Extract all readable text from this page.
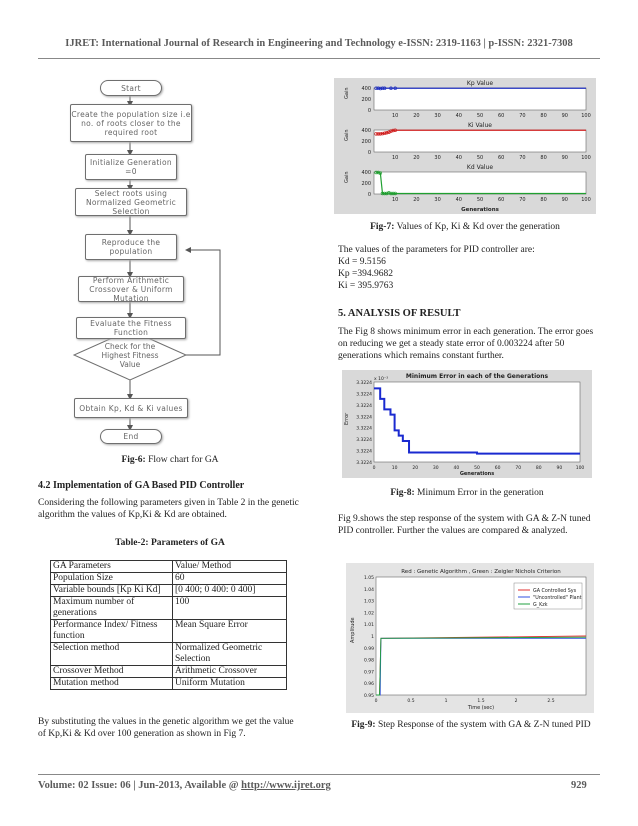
IJRET: International Journal of Research in Engineering and Technology e-ISSN: 2319-1163 | p-ISSN: 2321-7308
Start
Create the population size i.e no. of roots closer to the required root
Initialize Generation =0
Select roots using Normalized Geometric Selection
Reproduce the population
Perform Arithmetic Crossover & Uniform Mutation
Evaluate the Fitness Function
Check for the Highest Fitness Value
Obtain Kp, Kd & Ki values
End
Fig-6: Flow chart for GA
4.2 Implementation of GA Based PID Controller
Considering the following parameters given in Table 2 in the genetic algorithm the values of Kp,Ki & Kd are obtained.
Table-2: Parameters of GA
GA Parameters	Value/ Method
Population Size	60
Variable bounds [Kp Ki Kd]	[0 400; 0 400: 0 400]
Maximum number of generations	100
Performance Index/ Fitness function	Mean Square Error
Selection method	Normalized Geometric Selection
Crossover Method	Arithmetic Crossover
Mutation method	Uniform Mutation
By substituting the values in the genetic algorithm we get the value of Kp,Ki & Kd over 100 generation as shown in Fig 7.
Kp Value
400
200
0
10	20	30	40	50	60	70	80	90	100
Gain
Ki Value
400
200
0
10	20	30	40	50	60	70	80	90	100
Gain
Kd Value
400
200
0
10	20	30	40	50	60	70	80	90	100
Gain
Generations
Fig-7: Values of Kp, Ki & Kd over the generation
The values of the parameters for PID controller are:
Kd = 9.5156
Kp =394.9682
Ki = 395.9763
5. ANALYSIS OF RESULT
The Fig 8 shows minimum error in each generation. The error goes on reducing we get a steady state error of 0.003224 after 50 generations which remains constant further.
Minimum Error in each of the Generations
x 10⁻³
3.3224
3.3224
3.3224
3.3224
3.3224
3.3224
3.3224
3.3224
0	10	20	30	40	50	60	70	80	90	100
Generations
Error
Fig-8: Minimum Error in the generation
Fig 9.shows the step response of the system with GA & Z-N tuned PID controller. Further the values are compared & analyzed.
Red : Genetic Algorithm , Green : Zeigler Nichols Criterion
1.05
1.04
1.03
1.02
1.01
1
0.99
0.98
0.97
0.96
0.95
0	0.5	1	1.5	2	2.5
Time (sec)
Amplitude
GA Controlled Sys
"Uncontrolled" Plant
G_Kzk
Fig-9: Step Response of the system with GA & Z-N tuned PID
Volume: 02 Issue: 06 | Jun-2013, Available @ http://www.ijret.org	929
